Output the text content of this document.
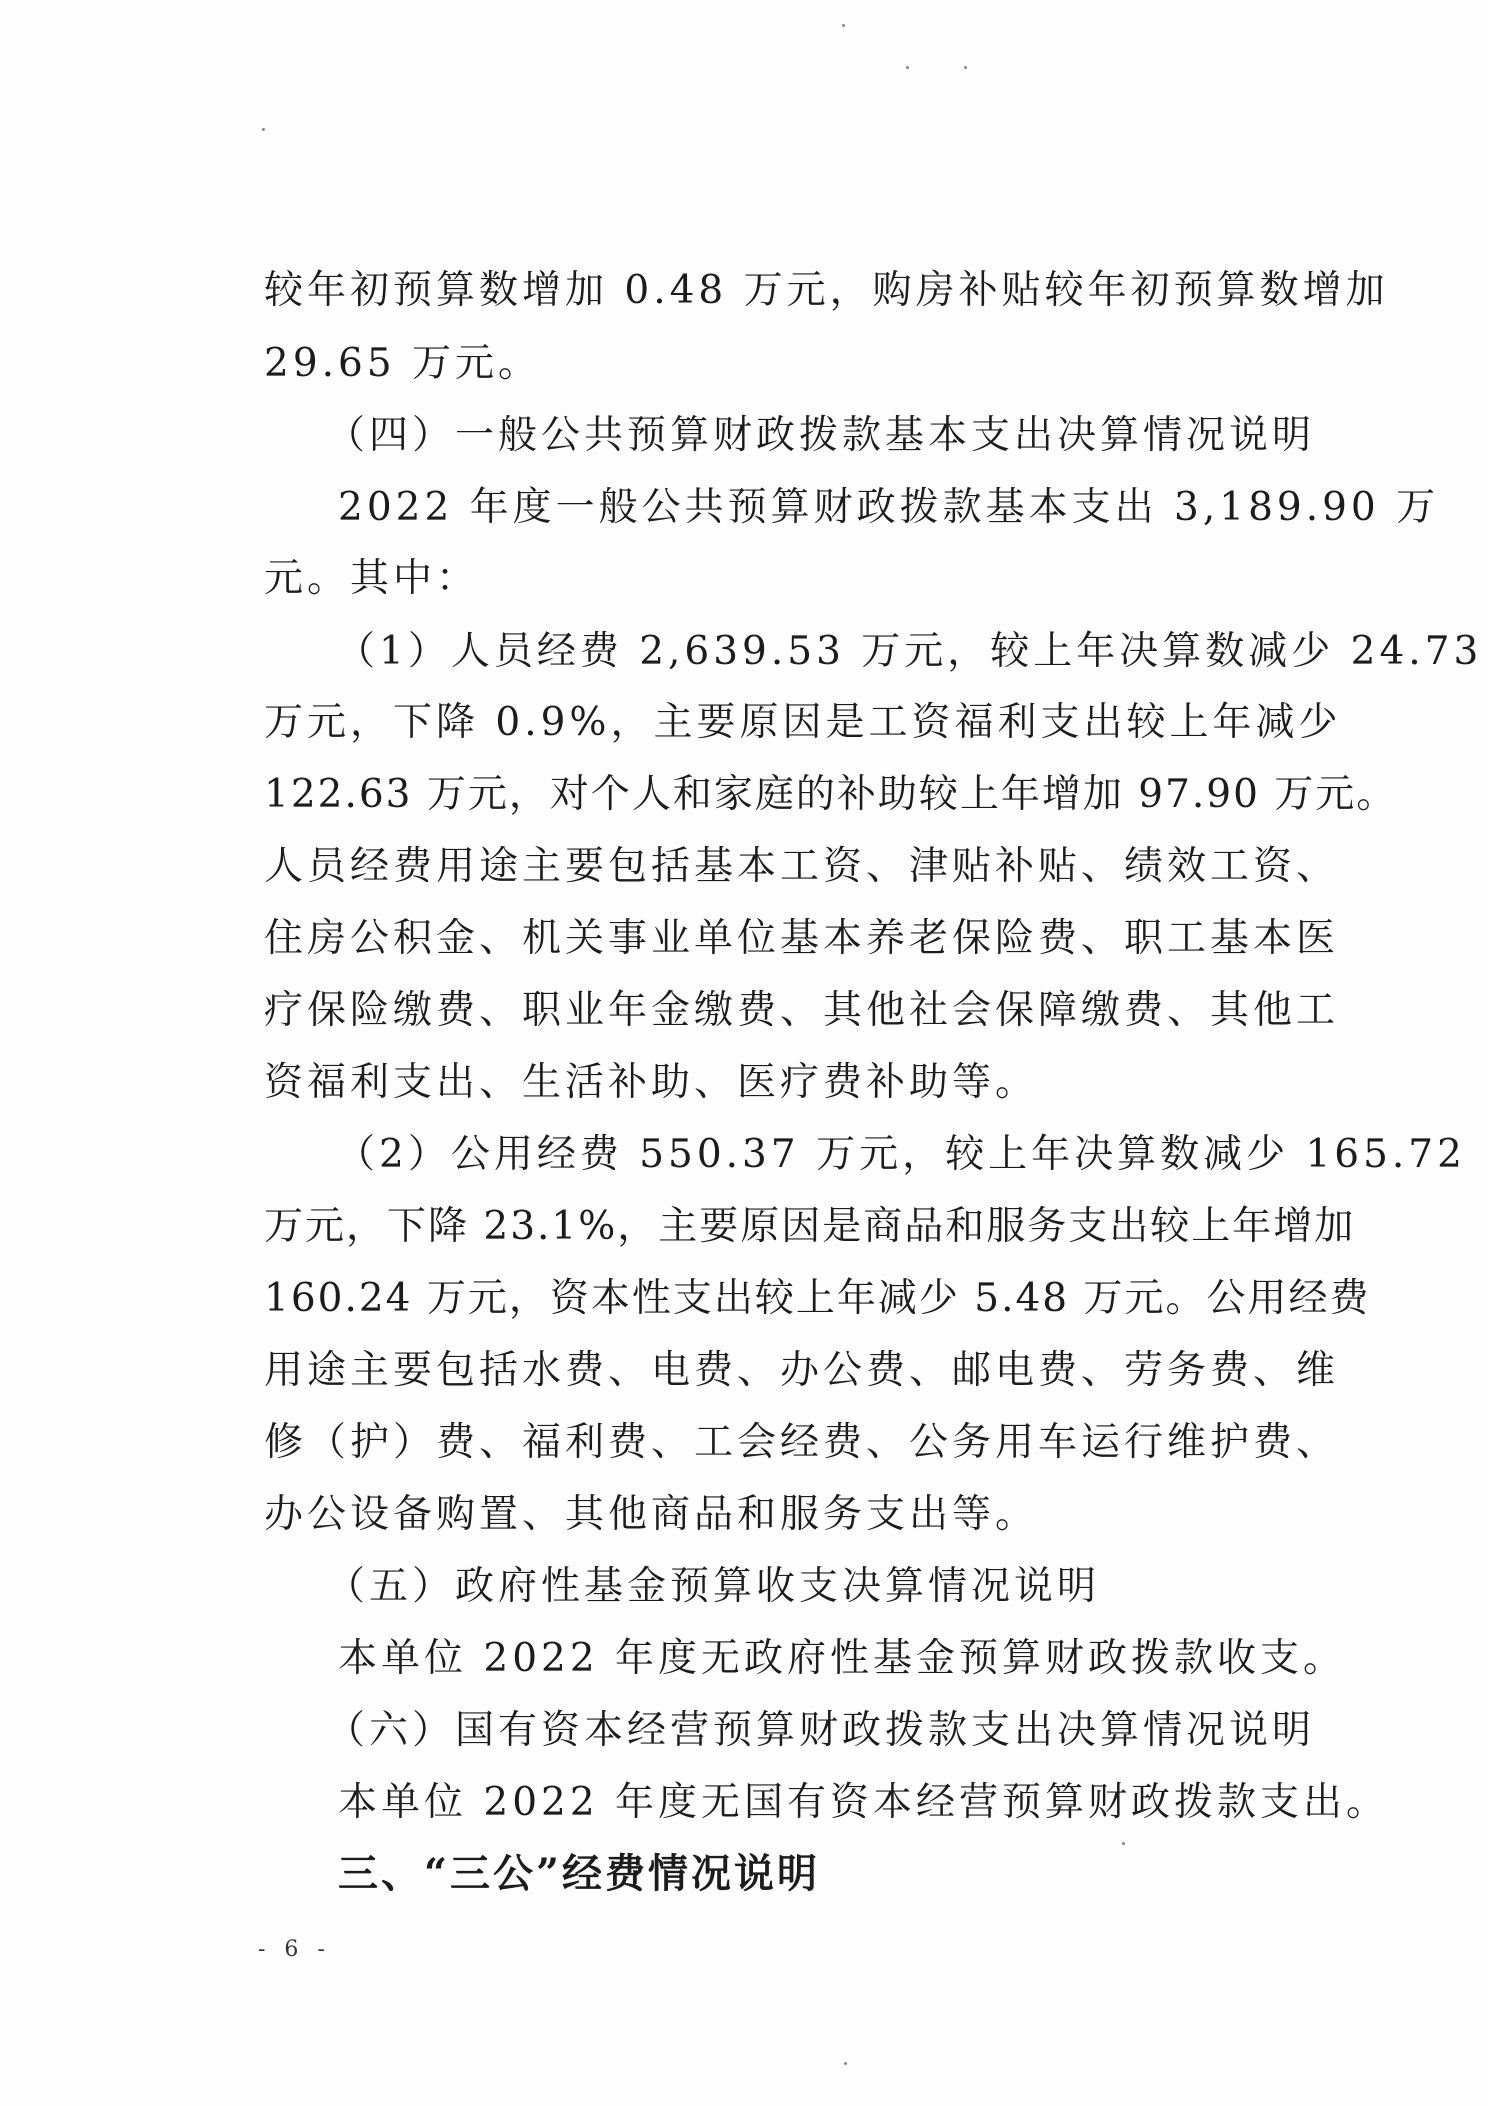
较年初预算数增加 0.48 万元，购房补贴较年初预算数增加
29.65 万元。
（四）一般公共预算财政拨款基本支出决算情况说明
2022 年度一般公共预算财政拨款基本支出 3,189.90 万
元。其中：
（1）人员经费 2,639.53 万元，较上年决算数减少 24.73
万元，下降 0.9%，主要原因是工资福利支出较上年减少
122.63 万元，对个人和家庭的补助较上年增加 97.90 万元。
人员经费用途主要包括基本工资、津贴补贴、绩效工资、
住房公积金、机关事业单位基本养老保险费、职工基本医
疗保险缴费、职业年金缴费、其他社会保障缴费、其他工
资福利支出、生活补助、医疗费补助等。
（2）公用经费 550.37 万元，较上年决算数减少 165.72
万元，下降 23.1%，主要原因是商品和服务支出较上年增加
160.24 万元，资本性支出较上年减少 5.48 万元。公用经费
用途主要包括水费、电费、办公费、邮电费、劳务费、维
修（护）费、福利费、工会经费、公务用车运行维护费、
办公设备购置、其他商品和服务支出等。
（五）政府性基金预算收支决算情况说明
本单位 2022 年度无政府性基金预算财政拨款收支。
（六）国有资本经营预算财政拨款支出决算情况说明
本单位 2022 年度无国有资本经营预算财政拨款支出。
三、“三公”经费情况说明
- 6 -
